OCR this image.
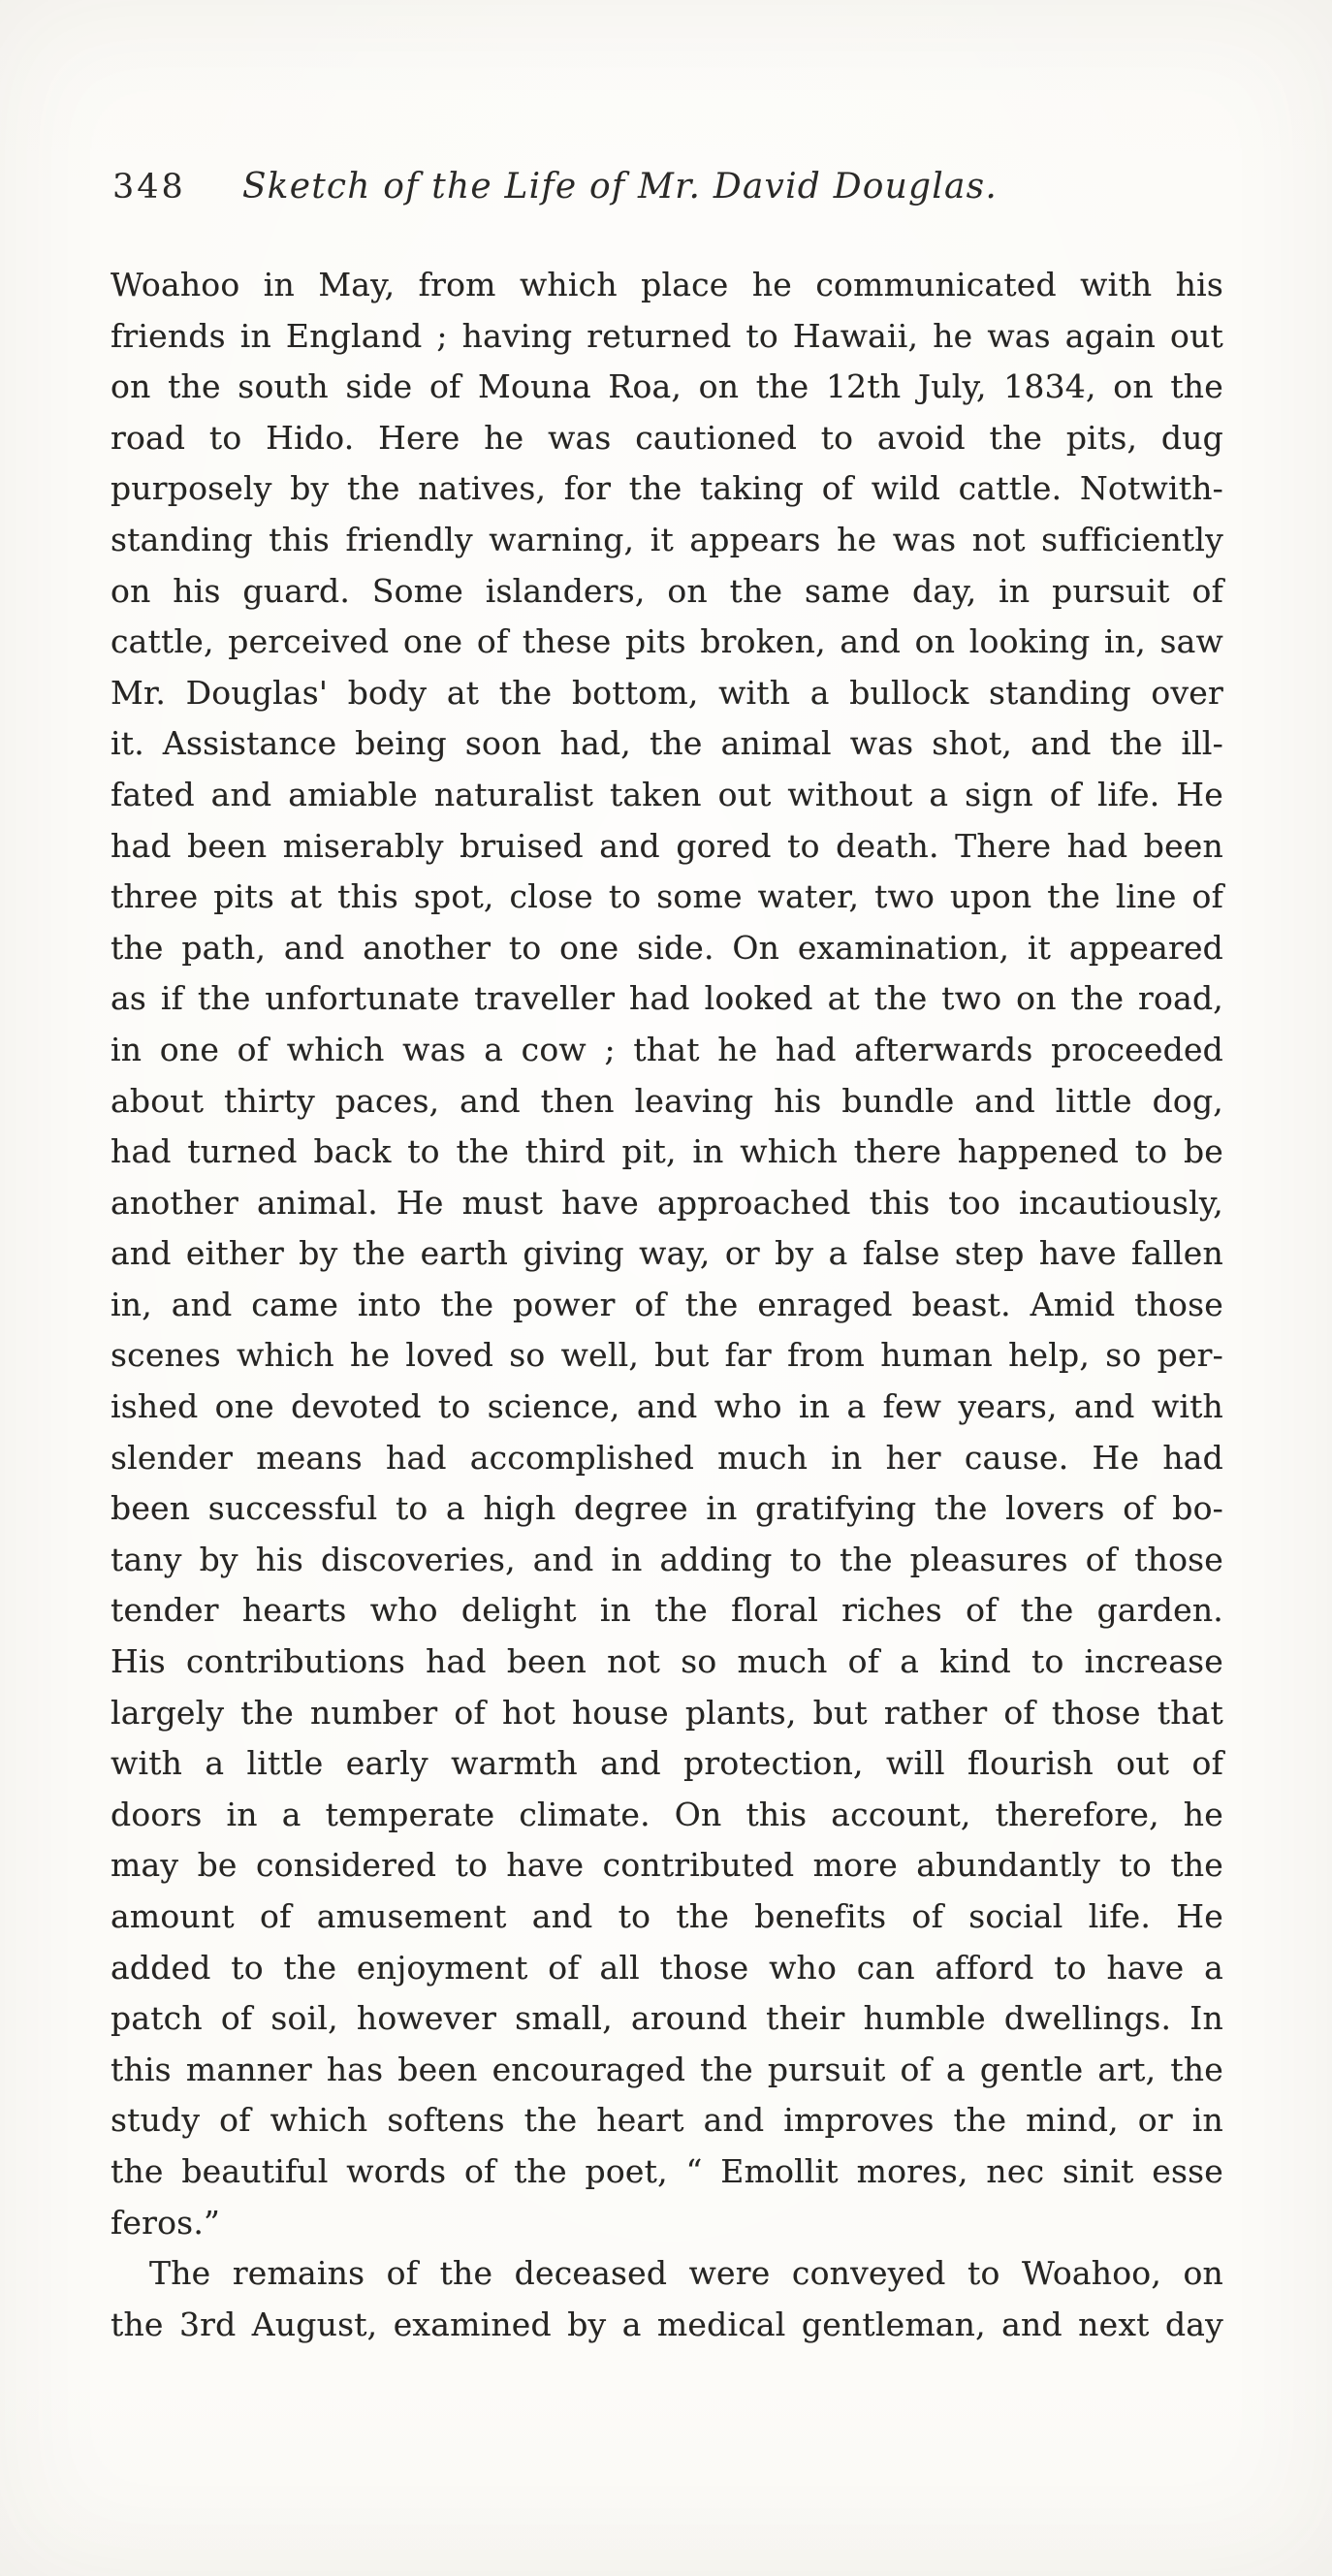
348 Sketch of the Life of Mr. David Douglas.
Woahoo in May, from which place he communicated with his
friends in England ; having returned to Hawaii, he was again out
on the south side of Mouna Roa, on the 12th July, 1834, on the
road to Hido. Here he was cautioned to avoid the pits, dug
purposely by the natives, for the taking of wild cattle. Notwith-
standing this friendly warning, it appears he was not sufficiently
on his guard. Some islanders, on the same day, in pursuit of
cattle, perceived one of these pits broken, and on looking in, saw
Mr. Douglas' body at the bottom, with a bullock standing over
it. Assistance being soon had, the animal was shot, and the ill-
fated and amiable naturalist taken out without a sign of life. He
had been miserably bruised and gored to death. There had been
three pits at this spot, close to some water, two upon the line of
the path, and another to one side. On examination, it appeared
as if the unfortunate traveller had looked at the two on the road,
in one of which was a cow ; that he had afterwards proceeded
about thirty paces, and then leaving his bundle and little dog,
had turned back to the third pit, in which there happened to be
another animal. He must have approached this too incautiously,
and either by the earth giving way, or by a false step have fallen
in, and came into the power of the enraged beast. Amid those
scenes which he loved so well, but far from human help, so per-
ished one devoted to science, and who in a few years, and with
slender means had accomplished much in her cause. He had
been successful to a high degree in gratifying the lovers of bo-
tany by his discoveries, and in adding to the pleasures of those
tender hearts who delight in the floral riches of the garden.
His contributions had been not so much of a kind to increase
largely the number of hot house plants, but rather of those that
with a little early warmth and protection, will flourish out of
doors in a temperate climate. On this account, therefore, he
may be considered to have contributed more abundantly to the
amount of amusement and to the benefits of social life. He
added to the enjoyment of all those who can afford to have a
patch of soil, however small, around their humble dwellings. In
this manner has been encouraged the pursuit of a gentle art, the
study of which softens the heart and improves the mind, or in
the beautiful words of the poet, “ Emollit mores, nec sinit esse
feros.”
The remains of the deceased were conveyed to Woahoo, on
the 3rd August, examined by a medical gentleman, and next day
